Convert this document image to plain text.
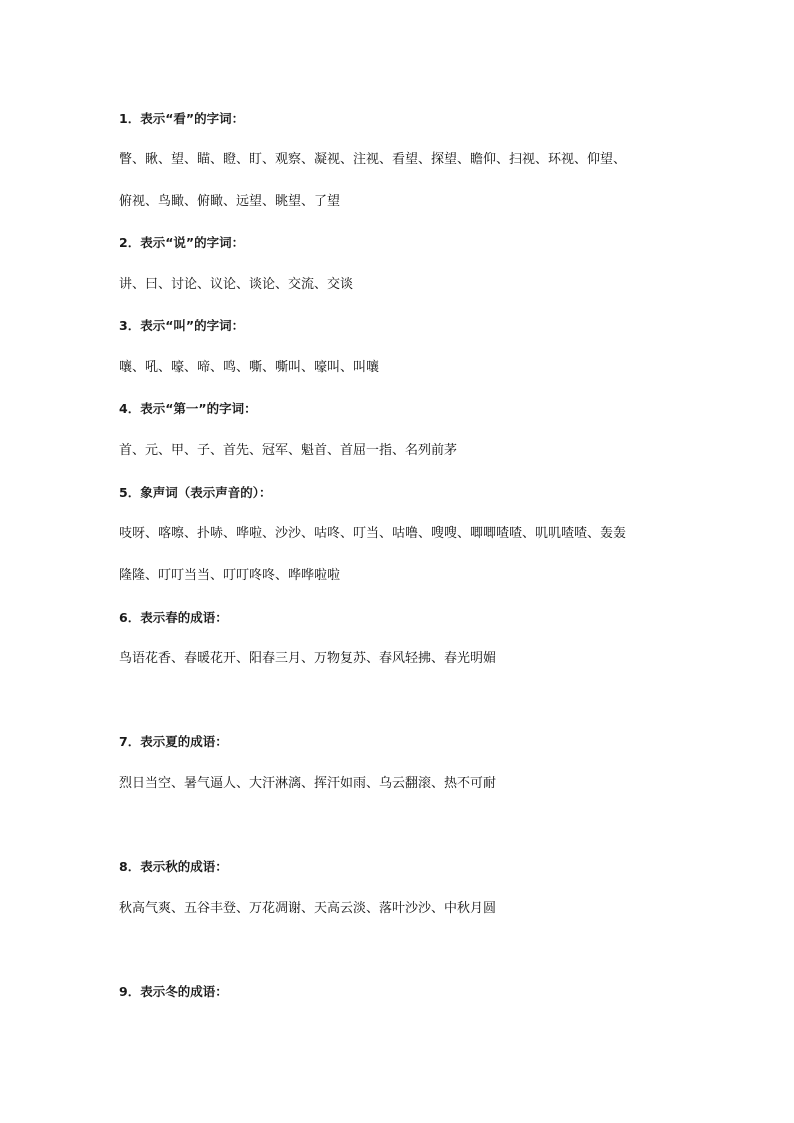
1．表示“看”的字词：
瞥、瞅、望、瞄、瞪、盯、观察、凝视、注视、看望、探望、瞻仰、扫视、环视、仰望、
俯视、鸟瞰、俯瞰、远望、眺望、了望
2．表示“说”的字词：
讲、曰、讨论、议论、谈论、交流、交谈
3．表示“叫”的字词：
嚷、吼、嚎、啼、鸣、嘶、嘶叫、嚎叫、叫嚷
4．表示“第一”的字词：
首、元、甲、子、首先、冠军、魁首、首屈一指、名列前茅
5．象声词（表示声音的）：
吱呀、喀嚓、扑哧、哗啦、沙沙、咕咚、叮当、咕噜、嗖嗖、唧唧喳喳、叽叽喳喳、轰轰
隆隆、叮叮当当、叮叮咚咚、哗哗啦啦
6．表示春的成语：
鸟语花香、春暖花开、阳春三月、万物复苏、春风轻拂、春光明媚
7．表示夏的成语：
烈日当空、暑气逼人、大汗淋漓、挥汗如雨、乌云翻滚、热不可耐
8．表示秋的成语：
秋高气爽、五谷丰登、万花凋谢、天高云淡、落叶沙沙、中秋月圆
9．表示冬的成语：
